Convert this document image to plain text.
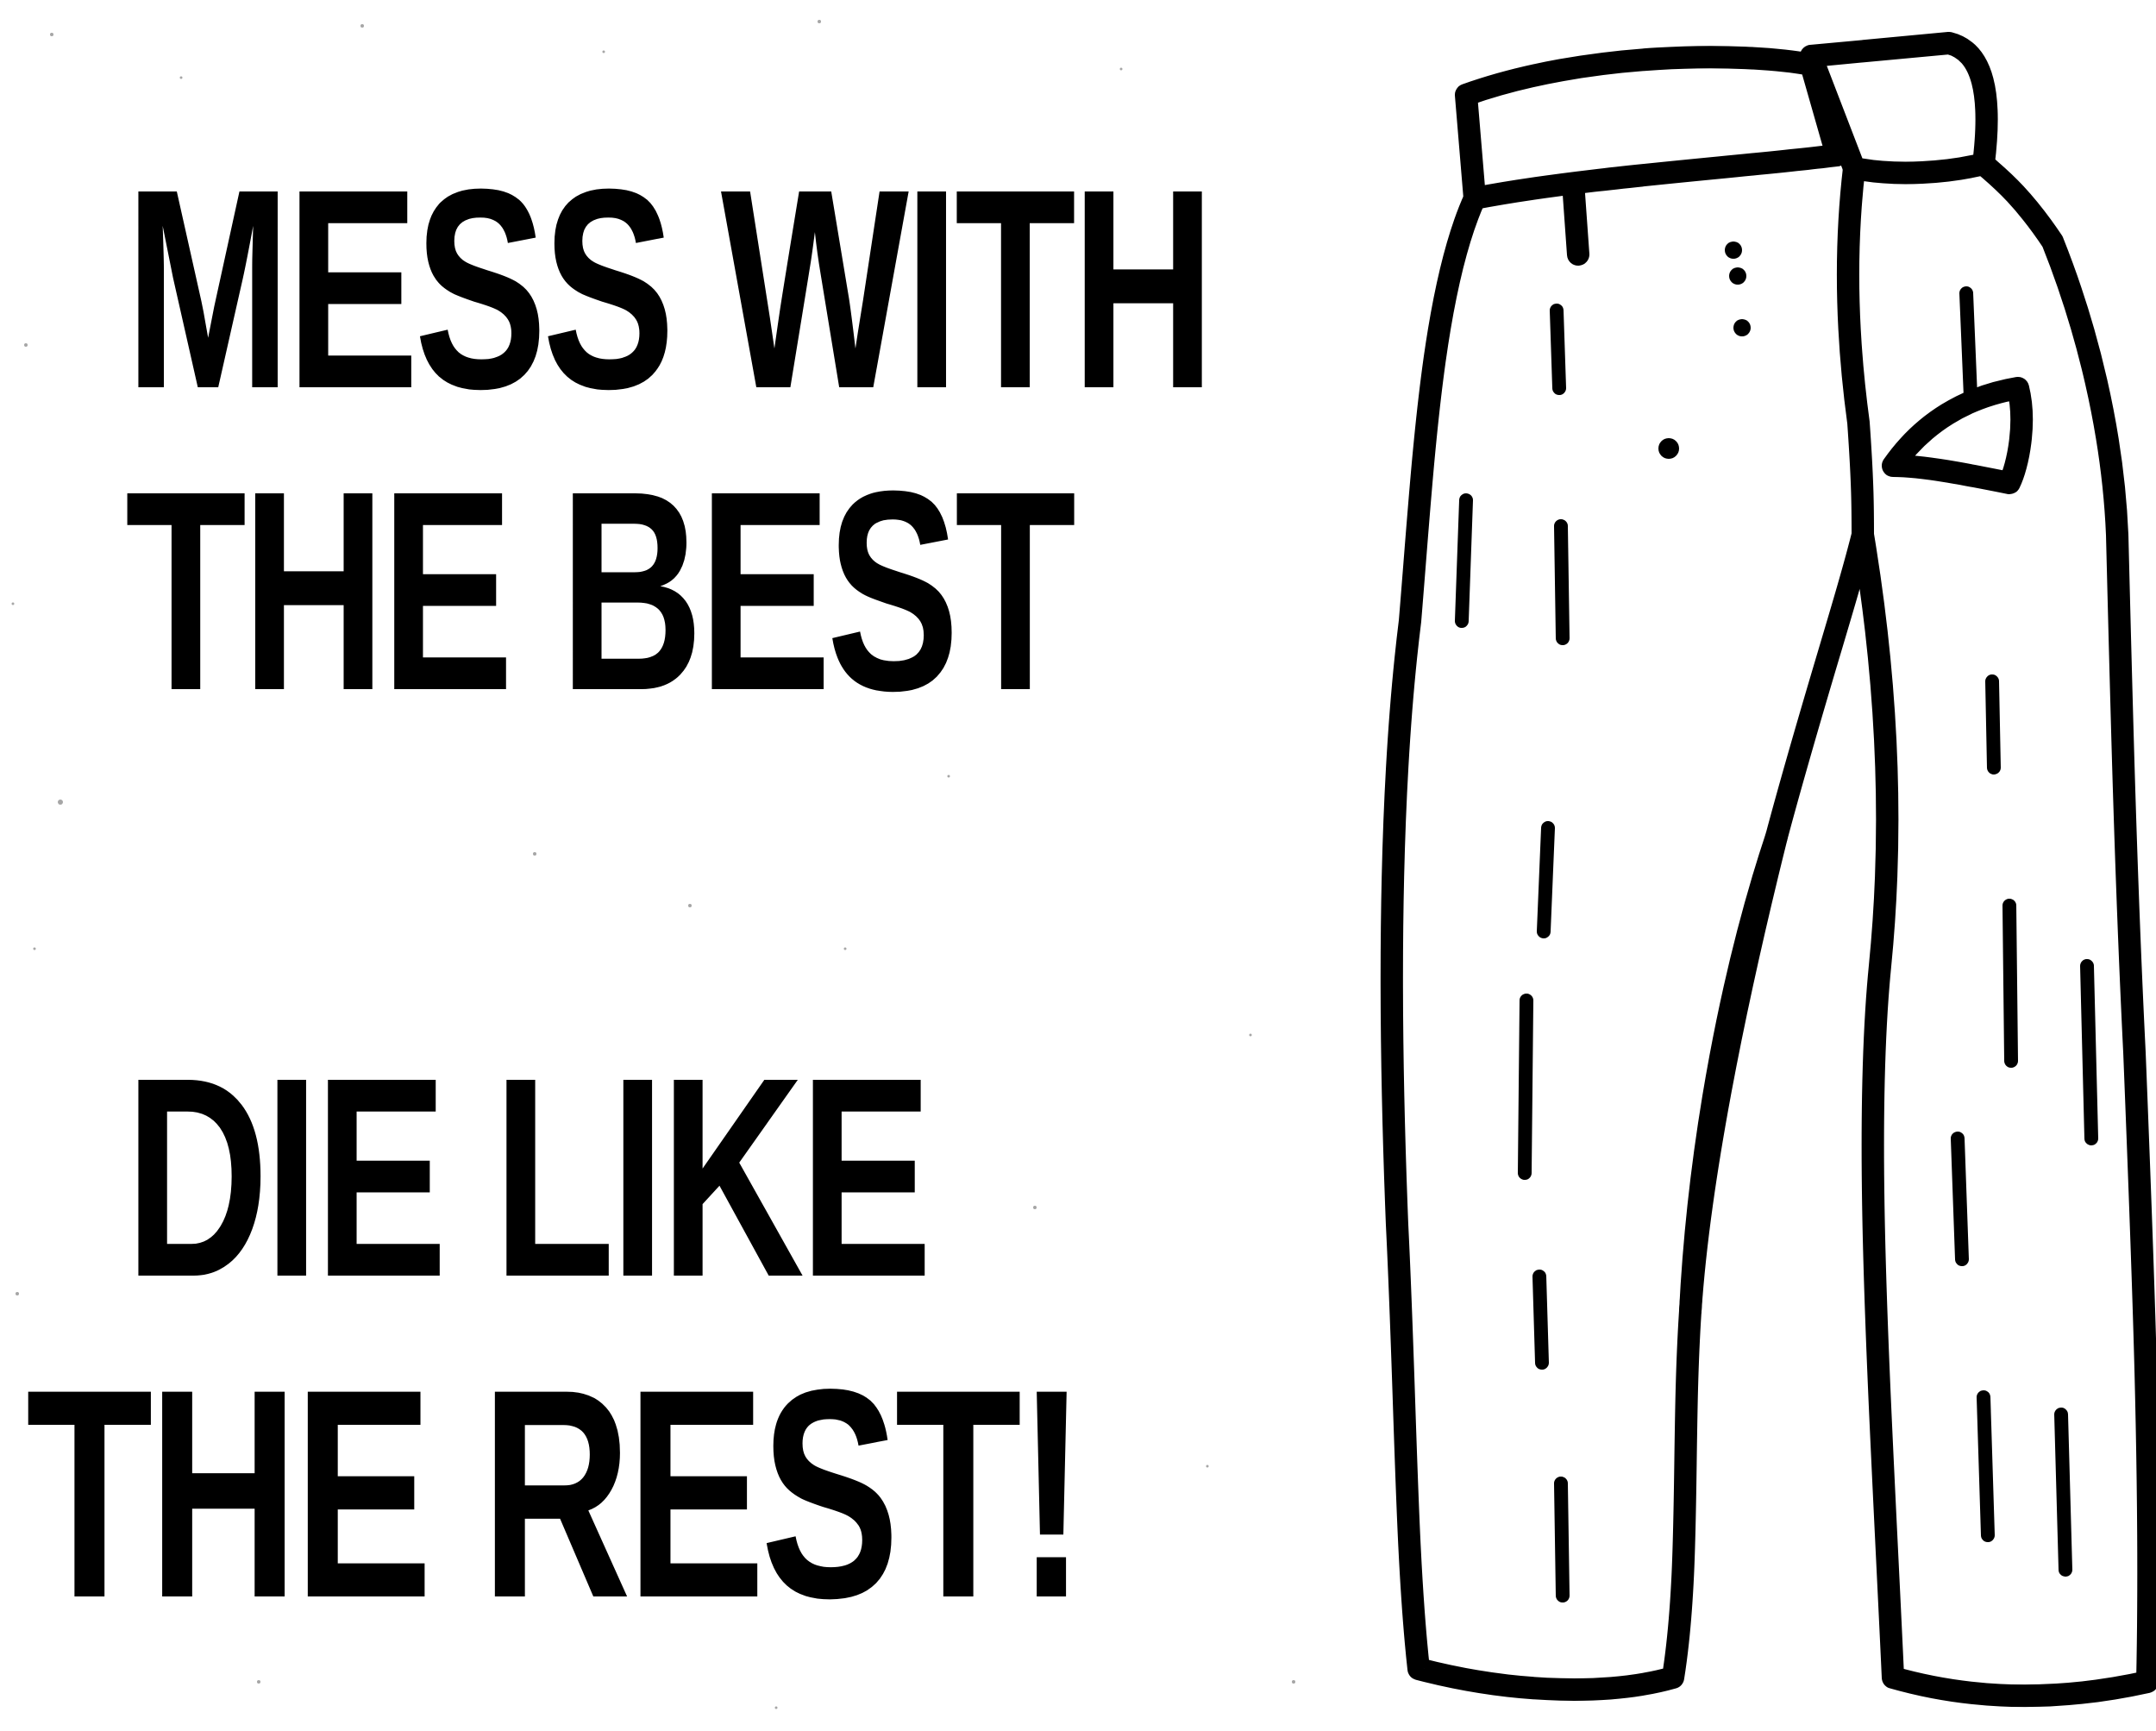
MESS WITH
THE BEST
DIE LIKE
THE REST!
